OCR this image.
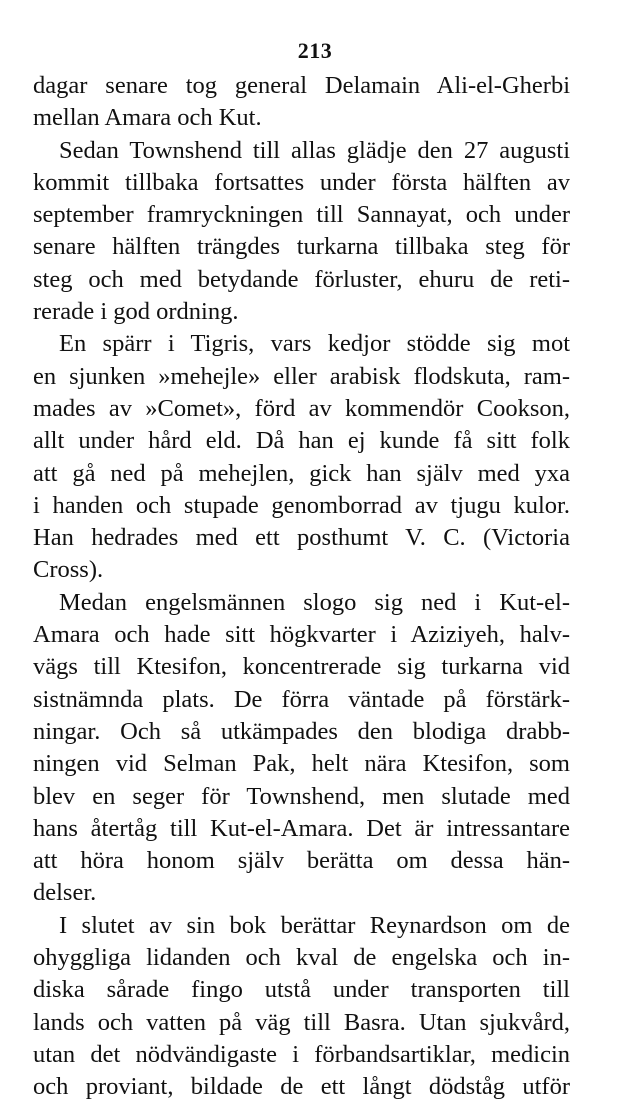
213
dagar senare tog general Delamain Ali-el-Gherbi
mellan Amara och Kut.
Sedan Townshend till allas glädje den 27 augusti
kommit tillbaka fortsattes under första hälften av
september framryckningen till Sannayat, och under
senare hälften trängdes turkarna tillbaka steg för
steg och med betydande förluster, ehuru de reti-
rerade i god ordning.
En spärr i Tigris, vars kedjor stödde sig mot
en sjunken »mehejle» eller arabisk flodskuta, ram-
mades av »Comet», förd av kommendör Cookson,
allt under hård eld. Då han ej kunde få sitt folk
att gå ned på mehejlen, gick han själv med yxa
i handen och stupade genomborrad av tjugu kulor.
Han hedrades med ett posthumt V. C. (Victoria
Cross).
Medan engelsmännen slogo sig ned i Kut-el-
Amara och hade sitt högkvarter i Aziziyeh, halv-
vägs till Ktesifon, koncentrerade sig turkarna vid
sistnämnda plats. De förra väntade på förstärk-
ningar. Och så utkämpades den blodiga drabb-
ningen vid Selman Pak, helt nära Ktesifon, som
blev en seger för Townshend, men slutade med
hans återtåg till Kut-el-Amara. Det är intressantare
att höra honom själv berätta om dessa hän-
delser.
I slutet av sin bok berättar Reynardson om de
ohyggliga lidanden och kval de engelska och in-
diska sårade fingo utstå under transporten till
lands och vatten på väg till Basra. Utan sjukvård,
utan det nödvändigaste i förbandsartiklar, medicin
och proviant, bildade de ett långt dödståg utför
